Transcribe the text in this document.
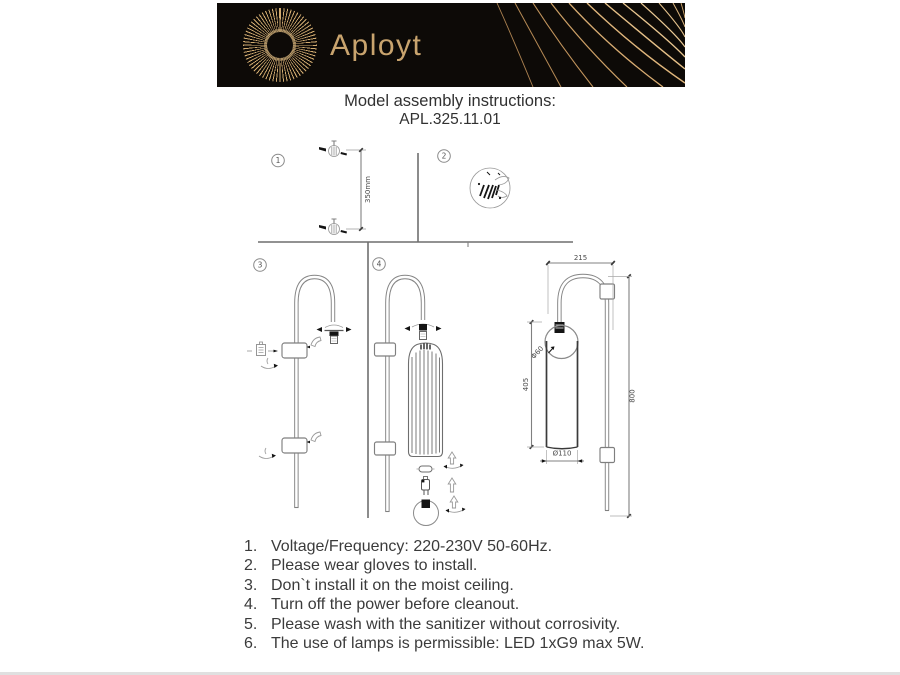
Aployt
Model assembly instructions:
APL.325.11.01
1	2
3	4
350mm
215
800
405
Ø110
Φ60
1. Voltage/Frequency: 220-230V 50-60Hz.
2. Please wear gloves to install.
3. Don`t install it on the moist ceiling.
4. Turn off the power before cleanout.
5. Please wash with the sanitizer without corrosivity.
6. The use of lamps is permissible: LED 1xG9 max 5W.
